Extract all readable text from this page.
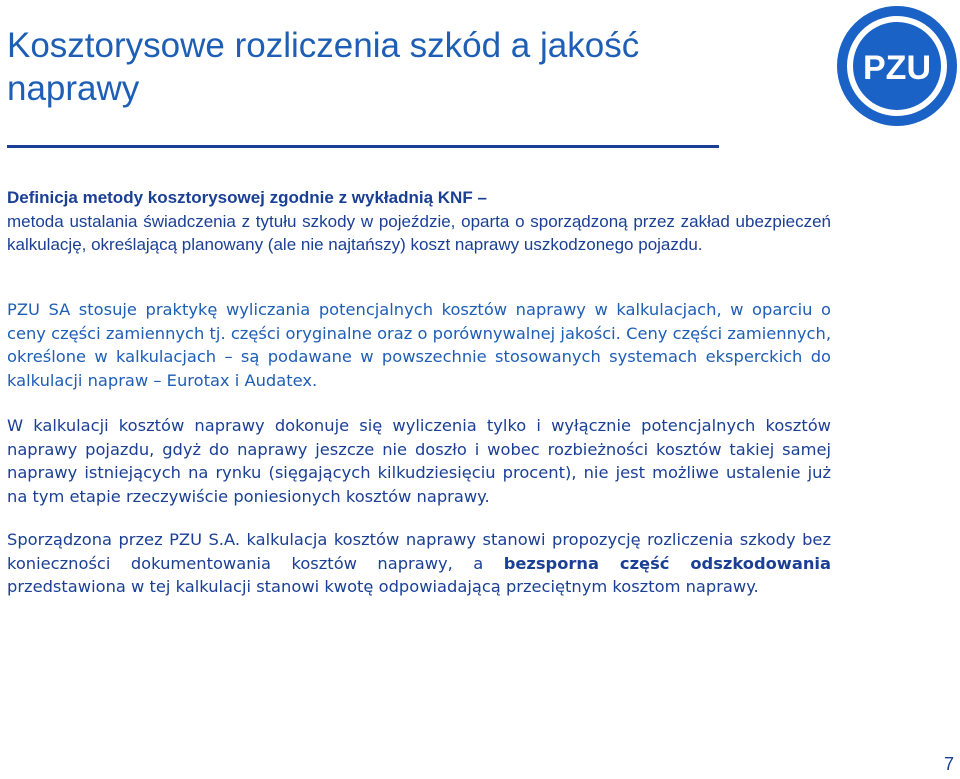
Kosztorysowe rozliczenia szkód a jakość naprawy
PZU

Definicja metody kosztorysowej zgodnie z wykładnią KNF –
metoda ustalania świadczenia z tytułu szkody w pojeździe, oparta o sporządzoną przez zakład ubezpieczeń kalkulację, określającą planowany (ale nie najtańszy) koszt naprawy uszkodzonego pojazdu.

PZU SA stosuje praktykę wyliczania potencjalnych kosztów naprawy w kalkulacjach, w oparciu o ceny części zamiennych tj. części oryginalne oraz o porównywalnej jakości. Ceny części zamiennych, określone w kalkulacjach – są podawane w powszechnie stosowanych systemach eksperckich do kalkulacji napraw – Eurotax i Audatex.

W kalkulacji kosztów naprawy dokonuje się wyliczenia tylko i wyłącznie potencjalnych kosztów naprawy pojazdu, gdyż do naprawy jeszcze nie doszło i wobec rozbieżności kosztów takiej samej naprawy istniejących na rynku (sięgających kilkudziesięciu procent), nie jest możliwe ustalenie już na tym etapie rzeczywiście poniesionych kosztów naprawy.

Sporządzona przez PZU S.A. kalkulacja kosztów naprawy stanowi propozycję rozliczenia szkody bez konieczności dokumentowania kosztów naprawy, a bezsporna część odszkodowania przedstawiona w tej kalkulacji stanowi kwotę odpowiadającą przeciętnym kosztom naprawy.

7
